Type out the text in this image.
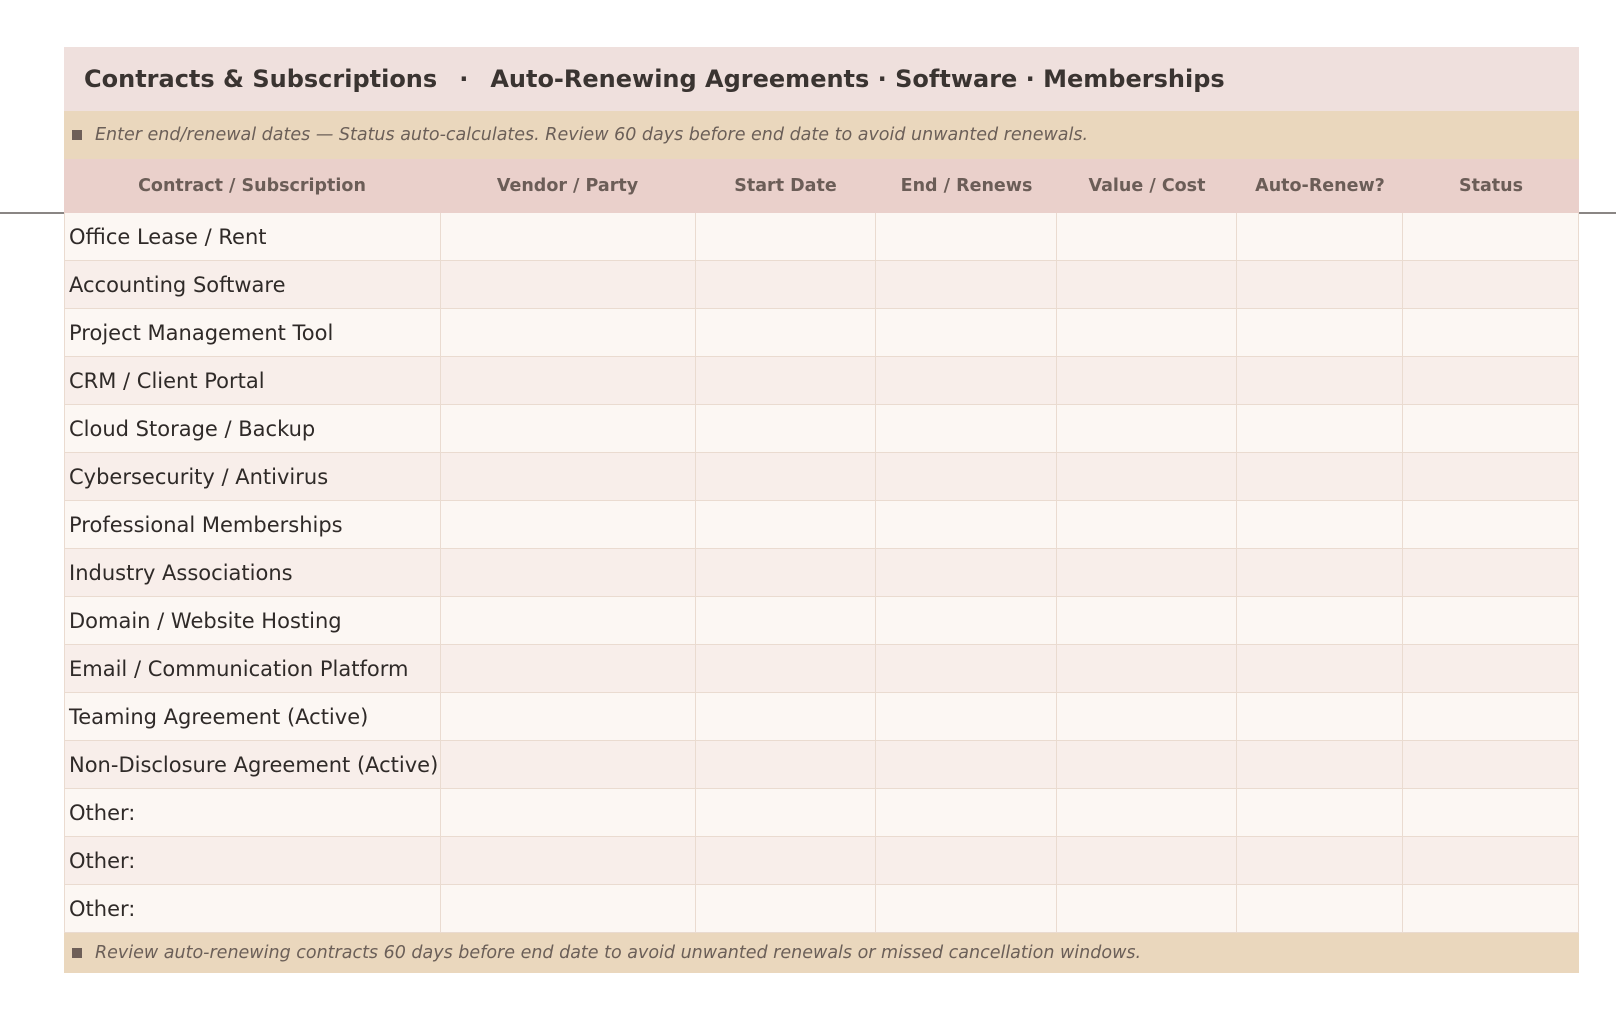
Contracts & Subscriptions · Auto-Renewing Agreements · Software · Memberships
Enter end/renewal dates — Status auto-calculates. Review 60 days before end date to avoid unwanted renewals.
Contract / Subscription	Vendor / Party	Start Date	End / Renews	Value / Cost	Auto-Renew?	Status
Office Lease / Rent
Accounting Software
Project Management Tool
CRM / Client Portal
Cloud Storage / Backup
Cybersecurity / Antivirus
Professional Memberships
Industry Associations
Domain / Website Hosting
Email / Communication Platform
Teaming Agreement (Active)
Non-Disclosure Agreement (Active)
Other:
Other:
Other:
Review auto-renewing contracts 60 days before end date to avoid unwanted renewals or missed cancellation windows.
